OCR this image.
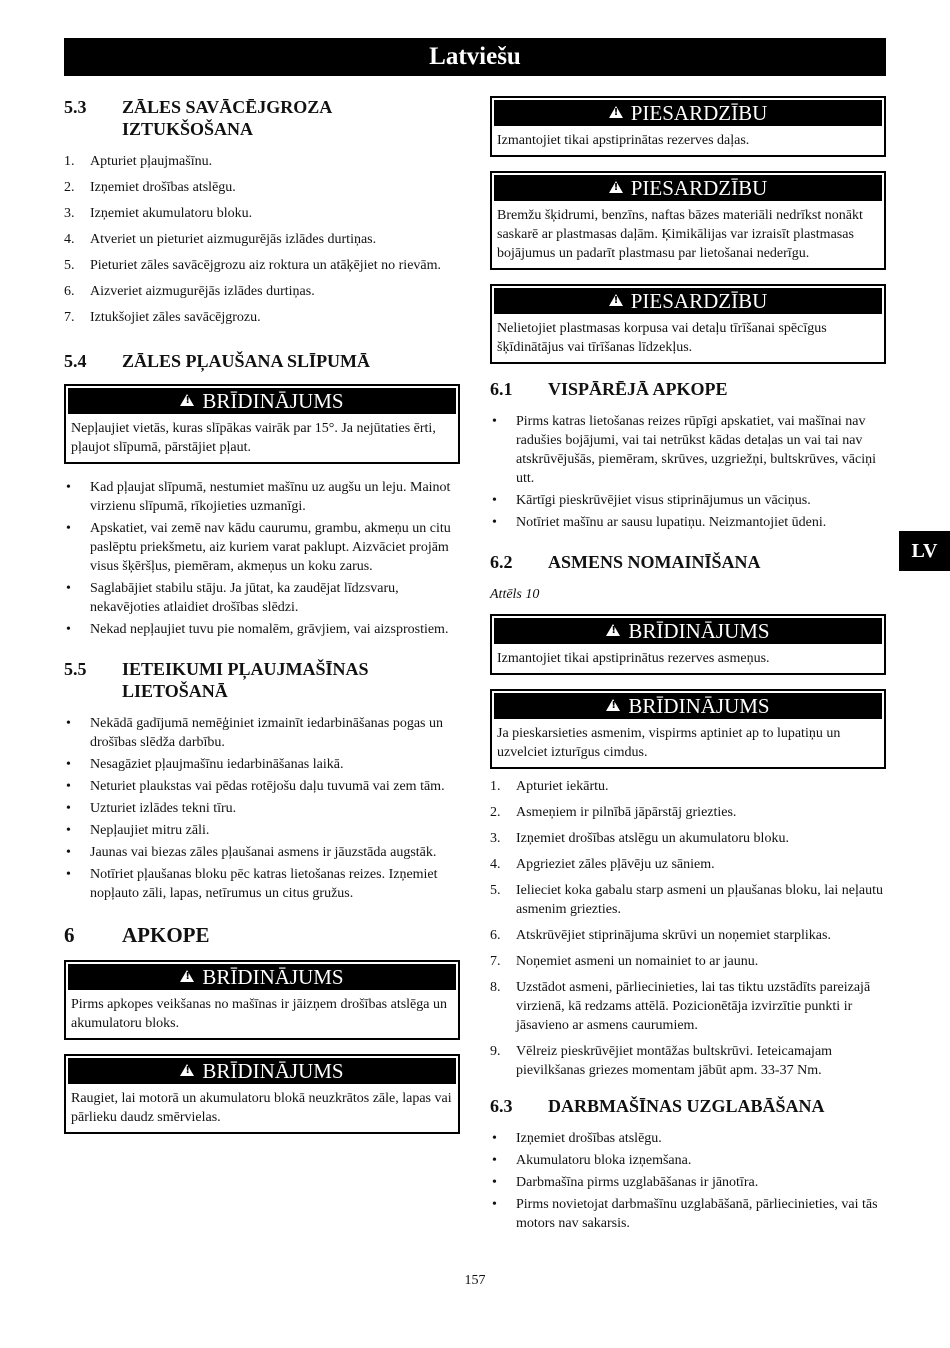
Latviešu
LV
5.3	ZĀLES SAVĀCĒJGROZA IZTUKŠOŠANA
1.	Apturiet pļaujmašīnu.
2.	Izņemiet drošības atslēgu.
3.	Izņemiet akumulatoru bloku.
4.	Atveriet un pieturiet aizmugurējās izlādes durtiņas.
5.	Pieturiet zāles savācējgrozu aiz roktura un atāķējiet no rievām.
6.	Aizveriet aizmugurējās izlādes durtiņas.
7.	Iztukšojiet zāles savācējgrozu.
5.4	ZĀLES PĻAUŠANA SLĪPUMĀ
!BRĪDINĀJUMS
Nepļaujiet vietās, kuras slīpākas vairāk par 15°. Ja nejūtaties ērti, pļaujot slīpumā, pārstājiet pļaut.
•	Kad pļaujat slīpumā, nestumiet mašīnu uz augšu un leju. Mainot virzienu slīpumā, rīkojieties uzmanīgi.
•	Apskatiet, vai zemē nav kādu caurumu, grambu, akmeņu un citu paslēptu priekšmetu, aiz kuriem varat paklupt. Aizvāciet projām visus šķēršļus, piemēram, akmeņus un koku zarus.
•	Saglabājiet stabilu stāju. Ja jūtat, ka zaudējat līdzsvaru, nekavējoties atlaidiet drošības slēdzi.
•	Nekad nepļaujiet tuvu pie nomalēm, grāvjiem, vai aizsprostiem.
5.5	IETEIKUMI PĻAUJMAŠĪNAS LIETOŠANĀ
•	Nekādā gadījumā nemēģiniet izmainīt iedarbināšanas pogas un drošības slēdža darbību.
•	Nesagāziet pļaujmašīnu iedarbināšanas laikā.
•	Neturiet plaukstas vai pēdas rotējošu daļu tuvumā vai zem tām.
•	Uzturiet izlādes tekni tīru.
•	Nepļaujiet mitru zāli.
•	Jaunas vai biezas zāles pļaušanai asmens ir jāuzstāda augstāk.
•	Notīriet pļaušanas bloku pēc katras lietošanas reizes. Izņemiet nopļauto zāli, lapas, netīrumus un citus gružus.
6	APKOPE
!BRĪDINĀJUMS
Pirms apkopes veikšanas no mašīnas ir jāizņem drošības atslēga un akumulatoru bloks.
!BRĪDINĀJUMS
Raugiet, lai motorā un akumulatoru blokā neuzkrātos zāle, lapas vai pārlieku daudz smērvielas.
!PIESARDZĪBU
Izmantojiet tikai apstiprinātas rezerves daļas.
!PIESARDZĪBU
Bremžu šķidrumi, benzīns, naftas bāzes materiāli nedrīkst nonākt saskarē ar plastmasas daļām. Ķimikālijas var izraisīt plastmasas bojājumus un padarīt plastmasu par lietošanai nederīgu.
!PIESARDZĪBU
Nelietojiet plastmasas korpusa vai detaļu tīrīšanai spēcīgus šķīdinātājus vai tīrīšanas līdzekļus.
6.1	VISPĀRĒJĀ APKOPE
•	Pirms katras lietošanas reizes rūpīgi apskatiet, vai mašīnai nav radušies bojājumi, vai tai netrūkst kādas detaļas un vai tai nav atskrūvējušās, piemēram, skrūves, uzgriežņi, bultskrūves, vāciņi utt.
•	Kārtīgi pieskrūvējiet visus stiprinājumus un vāciņus.
•	Notīriet mašīnu ar sausu lupatiņu. Neizmantojiet ūdeni.
6.2	ASMENS NOMAINĪŠANA
Attēls 10
!BRĪDINĀJUMS
Izmantojiet tikai apstiprinātus rezerves asmeņus.
!BRĪDINĀJUMS
Ja pieskarsieties asmenim, vispirms aptiniet ap to lupatiņu un uzvelciet izturīgus cimdus.
1.	Apturiet iekārtu.
2.	Asmeņiem ir pilnībā jāpārstāj griezties.
3.	Izņemiet drošības atslēgu un akumulatoru bloku.
4.	Apgrieziet zāles pļāvēju uz sāniem.
5.	Ielieciet koka gabalu starp asmeni un pļaušanas bloku, lai neļautu asmenim griezties.
6.	Atskrūvējiet stiprinājuma skrūvi un noņemiet starplikas.
7.	Noņemiet asmeni un nomainiet to ar jaunu.
8.	Uzstādot asmeni, pārliecinieties, lai tas tiktu uzstādīts pareizajā virzienā, kā redzams attēlā. Pozicionētāja izvirzītie punkti ir jāsavieno ar asmens caurumiem.
9.	Vēlreiz pieskrūvējiet montāžas bultskrūvi. Ieteicamajam pievilkšanas griezes momentam jābūt apm. 33-37 Nm.
6.3	DARBMAŠĪNAS UZGLABĀŠANA
•	Izņemiet drošības atslēgu.
•	Akumulatoru bloka izņemšana.
•	Darbmašīna pirms uzglabāšanas ir jānotīra.
•	Pirms novietojat darbmašīnu uzglabāšanā, pārliecinieties, vai tās motors nav sakarsis.
157
